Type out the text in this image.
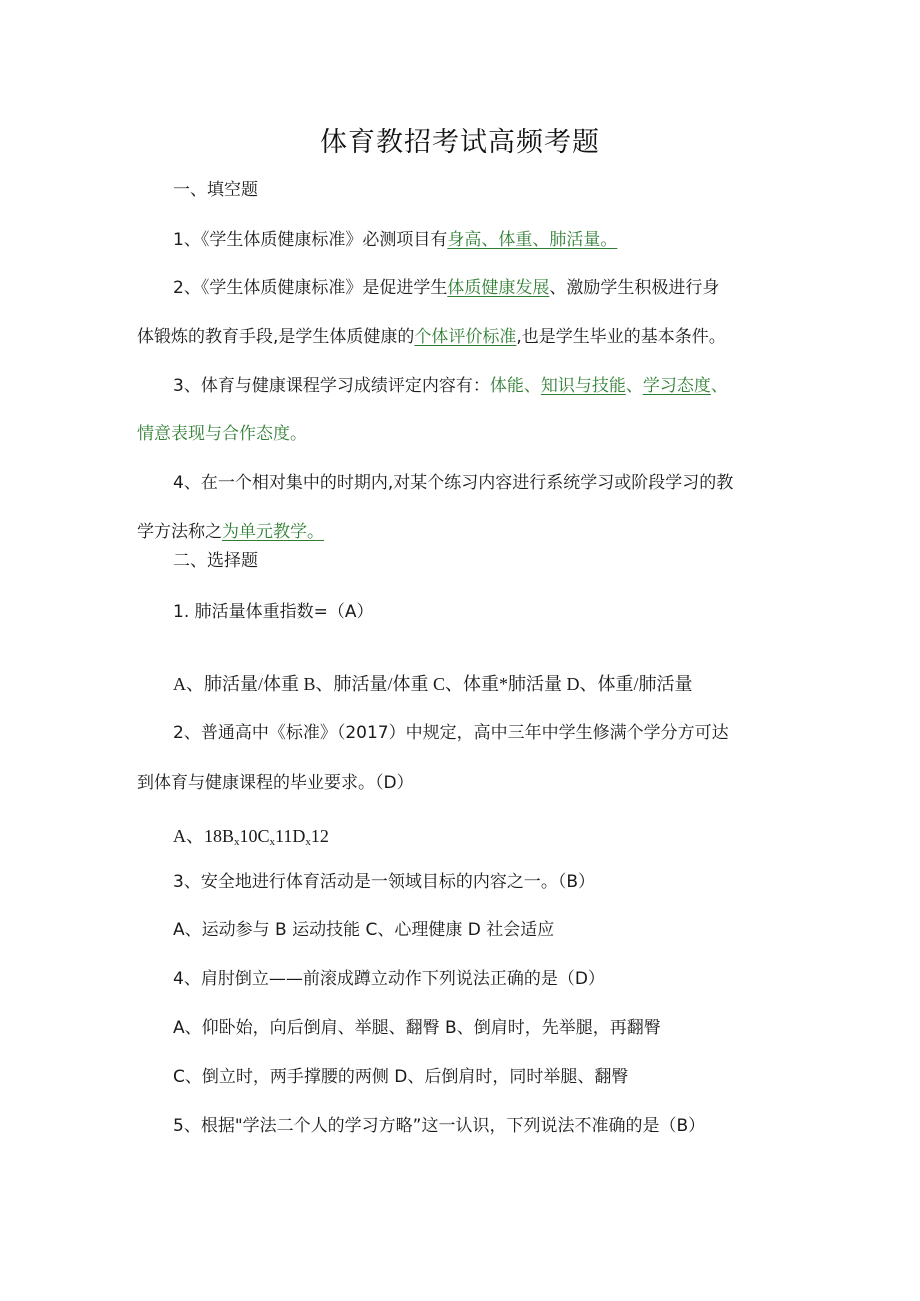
体育教招考试高频考题
一、填空题
1、《学生体质健康标准》必测项目有身高、体重、肺活量。
2、《学生体质健康标准》是促进学生体质健康发展、激励学生积极进行身
体锻炼的教育手段,是学生体质健康的个体评价标准,也是学生毕业的基本条件。
3、体育与健康课程学习成绩评定内容有：体能、知识与技能、学习态度、
情意表现与合作态度。
4、在一个相对集中的时期内,对某个练习内容进行系统学习或阶段学习的教
学方法称之为单元教学。
二、选择题
1. 肺活量体重指数=（A）
A、肺活量/体重 B、肺活量/体重 C、体重*肺活量 D、体重/肺活量
2、普通高中《标准》（2017）中规定，高中三年中学生修满个学分方可达
到体育与健康课程的毕业要求。（D）
A、$18B_x10C_x11D_x12$
3、安全地进行体育活动是一领域目标的内容之一。（B）
A、运动参与 B 运动技能 C、心理健康 D 社会适应
4、肩肘倒立——前滚成蹲立动作下列说法正确的是（D）
A、仰卧始，向后倒肩、举腿、翻臀 B、倒肩时，先举腿，再翻臀
C、倒立时，两手撑腰的两侧 D、后倒肩时，同时举腿、翻臀
5、根据"学法二个人的学习方略”这一认识，下列说法不准确的是（B）
